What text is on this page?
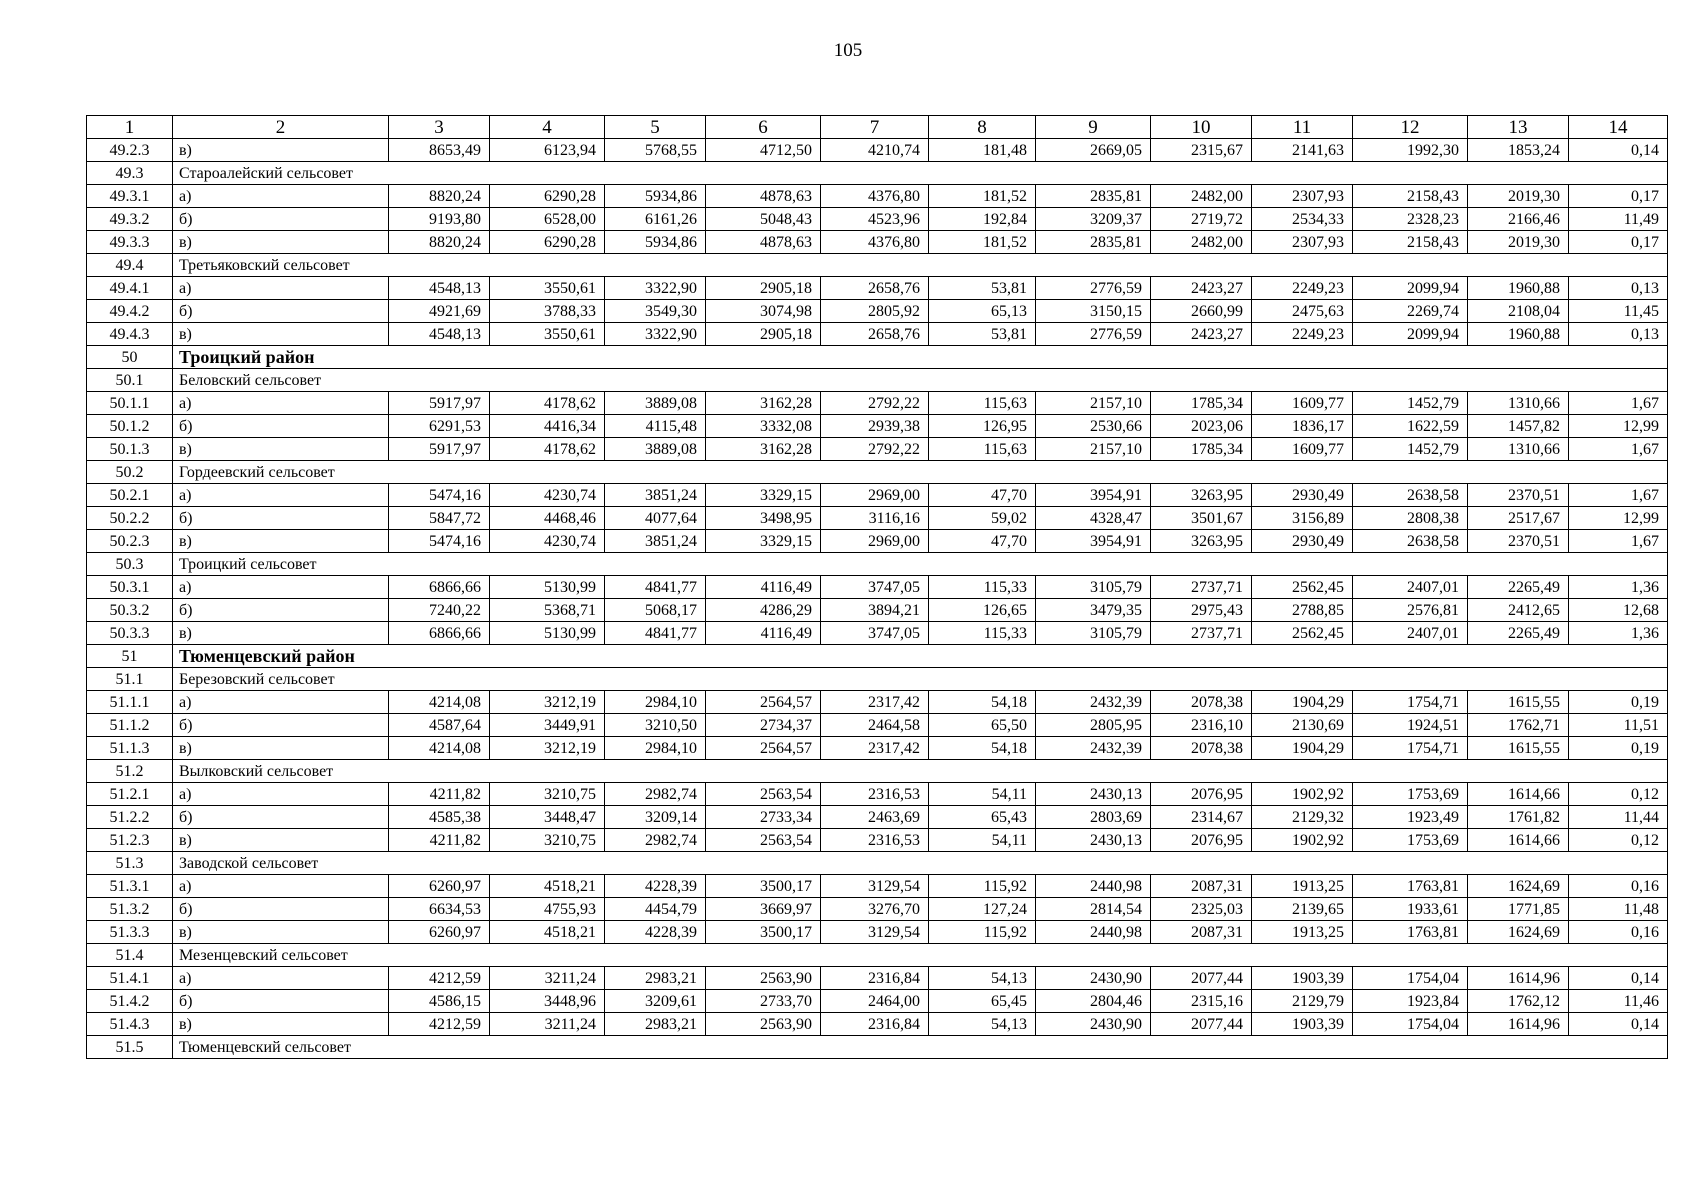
105
1	2	3	4	5	6	7	8	9	10	11	12	13	14
49.2.3	в)	8653,49	6123,94	5768,55	4712,50	4210,74	181,48	2669,05	2315,67	2141,63	1992,30	1853,24	0,14
49.3	Староалейский сельсовет												
49.3.1	а)	8820,24	6290,28	5934,86	4878,63	4376,80	181,52	2835,81	2482,00	2307,93	2158,43	2019,30	0,17
49.3.2	б)	9193,80	6528,00	6161,26	5048,43	4523,96	192,84	3209,37	2719,72	2534,33	2328,23	2166,46	11,49
49.3.3	в)	8820,24	6290,28	5934,86	4878,63	4376,80	181,52	2835,81	2482,00	2307,93	2158,43	2019,30	0,17
49.4	Третьяковский сельсовет												
49.4.1	а)	4548,13	3550,61	3322,90	2905,18	2658,76	53,81	2776,59	2423,27	2249,23	2099,94	1960,88	0,13
49.4.2	б)	4921,69	3788,33	3549,30	3074,98	2805,92	65,13	3150,15	2660,99	2475,63	2269,74	2108,04	11,45
49.4.3	в)	4548,13	3550,61	3322,90	2905,18	2658,76	53,81	2776,59	2423,27	2249,23	2099,94	1960,88	0,13
50	Троицкий район												
50.1	Беловский сельсовет												
50.1.1	а)	5917,97	4178,62	3889,08	3162,28	2792,22	115,63	2157,10	1785,34	1609,77	1452,79	1310,66	1,67
50.1.2	б)	6291,53	4416,34	4115,48	3332,08	2939,38	126,95	2530,66	2023,06	1836,17	1622,59	1457,82	12,99
50.1.3	в)	5917,97	4178,62	3889,08	3162,28	2792,22	115,63	2157,10	1785,34	1609,77	1452,79	1310,66	1,67
50.2	Гордеевский сельсовет												
50.2.1	а)	5474,16	4230,74	3851,24	3329,15	2969,00	47,70	3954,91	3263,95	2930,49	2638,58	2370,51	1,67
50.2.2	б)	5847,72	4468,46	4077,64	3498,95	3116,16	59,02	4328,47	3501,67	3156,89	2808,38	2517,67	12,99
50.2.3	в)	5474,16	4230,74	3851,24	3329,15	2969,00	47,70	3954,91	3263,95	2930,49	2638,58	2370,51	1,67
50.3	Троицкий сельсовет												
50.3.1	а)	6866,66	5130,99	4841,77	4116,49	3747,05	115,33	3105,79	2737,71	2562,45	2407,01	2265,49	1,36
50.3.2	б)	7240,22	5368,71	5068,17	4286,29	3894,21	126,65	3479,35	2975,43	2788,85	2576,81	2412,65	12,68
50.3.3	в)	6866,66	5130,99	4841,77	4116,49	3747,05	115,33	3105,79	2737,71	2562,45	2407,01	2265,49	1,36
51	Тюменцевский район												
51.1	Березовский сельсовет												
51.1.1	а)	4214,08	3212,19	2984,10	2564,57	2317,42	54,18	2432,39	2078,38	1904,29	1754,71	1615,55	0,19
51.1.2	б)	4587,64	3449,91	3210,50	2734,37	2464,58	65,50	2805,95	2316,10	2130,69	1924,51	1762,71	11,51
51.1.3	в)	4214,08	3212,19	2984,10	2564,57	2317,42	54,18	2432,39	2078,38	1904,29	1754,71	1615,55	0,19
51.2	Вылковский сельсовет												
51.2.1	а)	4211,82	3210,75	2982,74	2563,54	2316,53	54,11	2430,13	2076,95	1902,92	1753,69	1614,66	0,12
51.2.2	б)	4585,38	3448,47	3209,14	2733,34	2463,69	65,43	2803,69	2314,67	2129,32	1923,49	1761,82	11,44
51.2.3	в)	4211,82	3210,75	2982,74	2563,54	2316,53	54,11	2430,13	2076,95	1902,92	1753,69	1614,66	0,12
51.3	Заводской сельсовет												
51.3.1	а)	6260,97	4518,21	4228,39	3500,17	3129,54	115,92	2440,98	2087,31	1913,25	1763,81	1624,69	0,16
51.3.2	б)	6634,53	4755,93	4454,79	3669,97	3276,70	127,24	2814,54	2325,03	2139,65	1933,61	1771,85	11,48
51.3.3	в)	6260,97	4518,21	4228,39	3500,17	3129,54	115,92	2440,98	2087,31	1913,25	1763,81	1624,69	0,16
51.4	Мезенцевский сельсовет												
51.4.1	а)	4212,59	3211,24	2983,21	2563,90	2316,84	54,13	2430,90	2077,44	1903,39	1754,04	1614,96	0,14
51.4.2	б)	4586,15	3448,96	3209,61	2733,70	2464,00	65,45	2804,46	2315,16	2129,79	1923,84	1762,12	11,46
51.4.3	в)	4212,59	3211,24	2983,21	2563,90	2316,84	54,13	2430,90	2077,44	1903,39	1754,04	1614,96	0,14
51.5	Тюменцевский сельсовет												
